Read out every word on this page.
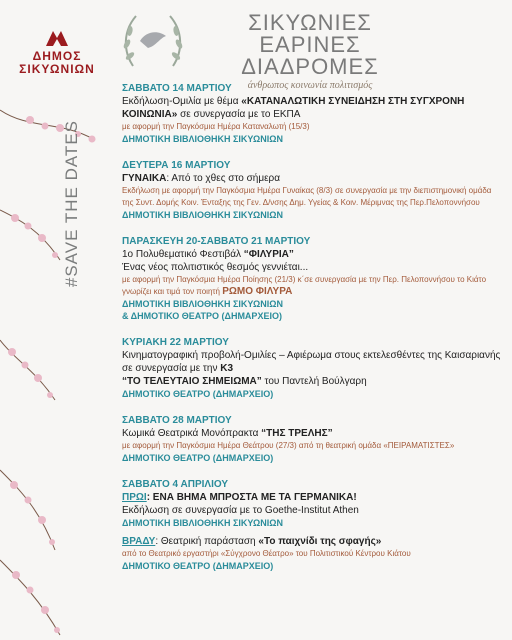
ΔΗΜΟΣ
ΣΙΚΥΩΝΙΩΝ
ΣΙΚΥΩΝΙΕΣ
ΕΑΡΙΝΕΣ ΔΙΑΔΡΟΜΕΣ
άνθρωπος κοινωνία πολιτισμός
#SAVE THE DATES
ΣΑΒΒΑΤΟ 14 ΜΑΡΤΙΟΥ
Εκδήλωση-Ομιλία με θέμα «ΚΑΤΑΝΑΛΩΤΙΚΗ ΣΥΝΕΙΔΗΣΗ ΣΤΗ ΣΥΓΧΡΟΝΗ ΚΟΙΝΩΝΙΑ» σε συνεργασία με το ΕΚΠΑ
με αφορμή την Παγκόσμια Ημέρα Καταναλωτή (15/3)
ΔΗΜΟΤΙΚΗ ΒΙΒΛΙΟΘΗΚΗ ΣΙΚΥΩΝΙΩΝ
ΔΕΥΤΕΡΑ 16 ΜΑΡΤΙΟΥ
ΓΥΝΑΙΚΑ: Από το χθες στο σήμερα
Εκδήλωση με αφορμή την Παγκόσμια Ημέρα Γυναίκας (8/3) σε συνεργασία με την διεπιστημονική ομάδα της Συντ. Δομής Κοιν. Ένταξης της Γεν. Δ/νσης Δημ. Υγείας & Κοιν. Μέριμνας της Περ.Πελοποννήσου
ΔΗΜΟΤΙΚΗ ΒΙΒΛΙΟΘΗΚΗ ΣΙΚΥΩΝΙΩΝ
ΠΑΡΑΣΚΕΥΗ 20-ΣΑΒΒΑΤΟ 21 ΜΑΡΤΙΟΥ
1ο Πολυθεματικό Φεστιβάλ “ΦΙΛΥΡΙΑ”
Ένας νέος πολιτιστικός θεσμός γεννιέται...
με αφορμή την Παγκόσμια Ημέρα Ποίησης (21/3) κ΄σε συνεργασία με την Περ. Πελοποννήσου το Κιάτο γνωρίζει και τιμά τον ποιητή ΡΩΜΟ ΦΙΛΥΡΑ
ΔΗΜΟΤΙΚΗ ΒΙΒΛΙΟΘΗΚΗ ΣΙΚΥΩΝΙΩΝ
& ΔΗΜΟΤΙΚΟ ΘΕΑΤΡΟ (ΔΗΜΑΡΧΕΙΟ)
ΚΥΡΙΑΚΗ 22 ΜΑΡΤΙΟΥ
Κινηματογραφική προβολή-Ομιλίες – Αφιέρωμα στους εκτελεσθέντες της Καισαριανής σε συνεργασία με την Κ3
“ΤΟ ΤΕΛΕΥΤΑΙΟ ΣΗΜΕΙΩΜΑ” του Παντελή Βούλγαρη
ΔΗΜΟΤΙΚΟ ΘΕΑΤΡΟ (ΔΗΜΑΡΧΕΙΟ)
ΣΑΒΒΑΤΟ 28 ΜΑΡΤΙΟΥ
Κωμικά Θεατρικά Μονόπρακτα “ΤΗΣ ΤΡΕΛΗΣ”
με αφορμή την Παγκόσμια Ημέρα Θεάτρου (27/3) από τη θεατρική ομάδα «ΠΕΙΡΑΜΑΤΙΣΤΕΣ»
ΔΗΜΟΤΙΚΟ ΘΕΑΤΡΟ (ΔΗΜΑΡΧΕΙΟ)
ΣΑΒΒΑΤΟ 4 ΑΠΡΙΛΙΟΥ
ΠΡΩΙ: ΕΝΑ ΒΗΜΑ ΜΠΡΟΣΤΑ ΜΕ ΤΑ ΓΕΡΜΑΝΙΚΑ!
Εκδήλωση σε συνεργασία με το Goethe-Institut Athen
ΔΗΜΟΤΙΚΗ ΒΙΒΛΙΟΘΗΚΗ ΣΙΚΥΩΝΙΩΝ
ΒΡΑΔΥ: Θεατρική παράσταση «Το παιχνίδι της σφαγής»
από το Θεατρικό εργαστήρι «Σύγχρονο Θέατρο» του Πολιτιστικού Κέντρου Κιάτου
ΔΗΜΟΤΙΚΟ ΘΕΑΤΡΟ (ΔΗΜΑΡΧΕΙΟ)
